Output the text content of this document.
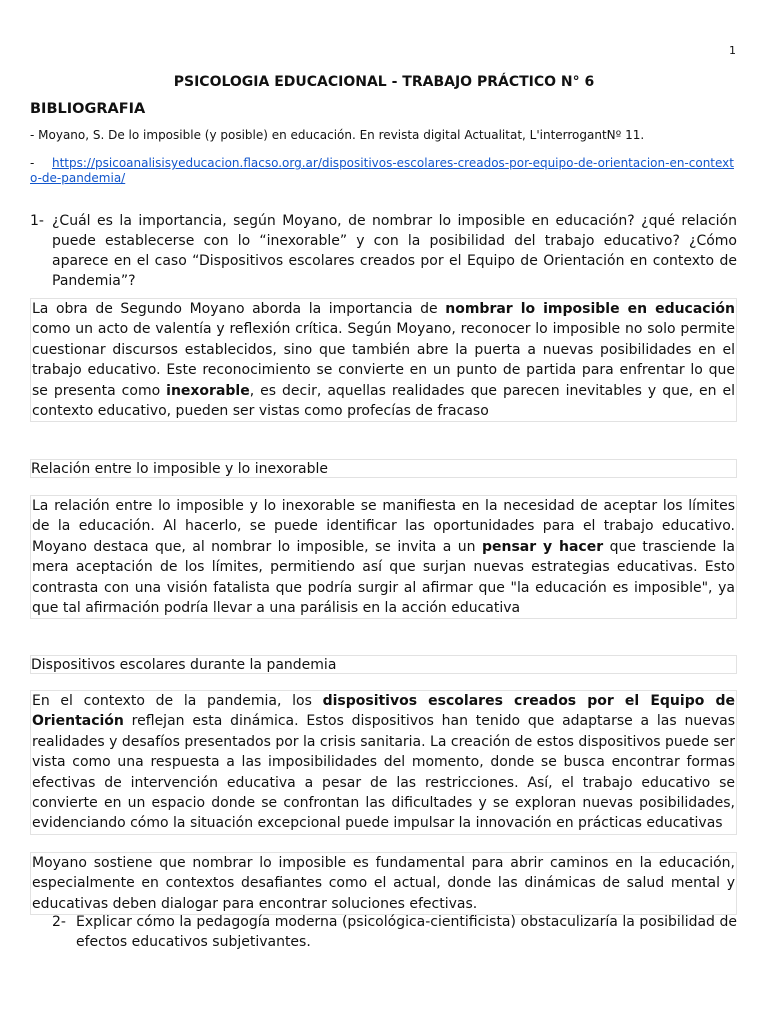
1
PSICOLOGIA EDUCACIONAL - TRABAJO PRÁCTICO N° 6
BIBLIOGRAFIA
- Moyano, S. De lo imposible (y posible) en educación. En revista digital Actualitat, L'interrogantNº 11.
- https://psicoanalisisyeducacion.flacso.org.ar/dispositivos-escolares-creados-por-equipo-de-orientacion-en-contexto-de-pandemia/
1- ¿Cuál es la importancia, según Moyano, de nombrar lo imposible en educación? ¿qué relación puede establecerse con lo “inexorable” y con la posibilidad del trabajo educativo? ¿Cómo aparece en el caso “Dispositivos escolares creados por el Equipo de Orientación en contexto de Pandemia”?

La obra de Segundo Moyano aborda la importancia de nombrar lo imposible en educación como un acto de valentía y reflexión crítica. Según Moyano, reconocer lo imposible no solo permite cuestionar discursos establecidos, sino que también abre la puerta a nuevas posibilidades en el trabajo educativo. Este reconocimiento se convierte en un punto de partida para enfrentar lo que se presenta como inexorable, es decir, aquellas realidades que parecen inevitables y que, en el contexto educativo, pueden ser vistas como profecías de fracaso

Relación entre lo imposible y lo inexorable

La relación entre lo imposible y lo inexorable se manifiesta en la necesidad de aceptar los límites de la educación. Al hacerlo, se puede identificar las oportunidades para el trabajo educativo. Moyano destaca que, al nombrar lo imposible, se invita a un pensar y hacer que trasciende la mera aceptación de los límites, permitiendo así que surjan nuevas estrategias educativas. Esto contrasta con una visión fatalista que podría surgir al afirmar que "la educación es imposible", ya que tal afirmación podría llevar a una parálisis en la acción educativa

Dispositivos escolares durante la pandemia

En el contexto de la pandemia, los dispositivos escolares creados por el Equipo de Orientación reflejan esta dinámica. Estos dispositivos han tenido que adaptarse a las nuevas realidades y desafíos presentados por la crisis sanitaria. La creación de estos dispositivos puede ser vista como una respuesta a las imposibilidades del momento, donde se busca encontrar formas efectivas de intervención educativa a pesar de las restricciones. Así, el trabajo educativo se convierte en un espacio donde se confrontan las dificultades y se exploran nuevas posibilidades, evidenciando cómo la situación excepcional puede impulsar la innovación en prácticas educativas

Moyano sostiene que nombrar lo imposible es fundamental para abrir caminos en la educación, especialmente en contextos desafiantes como el actual, donde las dinámicas de salud mental y educativas deben dialogar para encontrar soluciones efectivas.

2- Explicar cómo la pedagogía moderna (psicológica-cientificista) obstaculizaría la posibilidad de efectos educativos subjetivantes.
